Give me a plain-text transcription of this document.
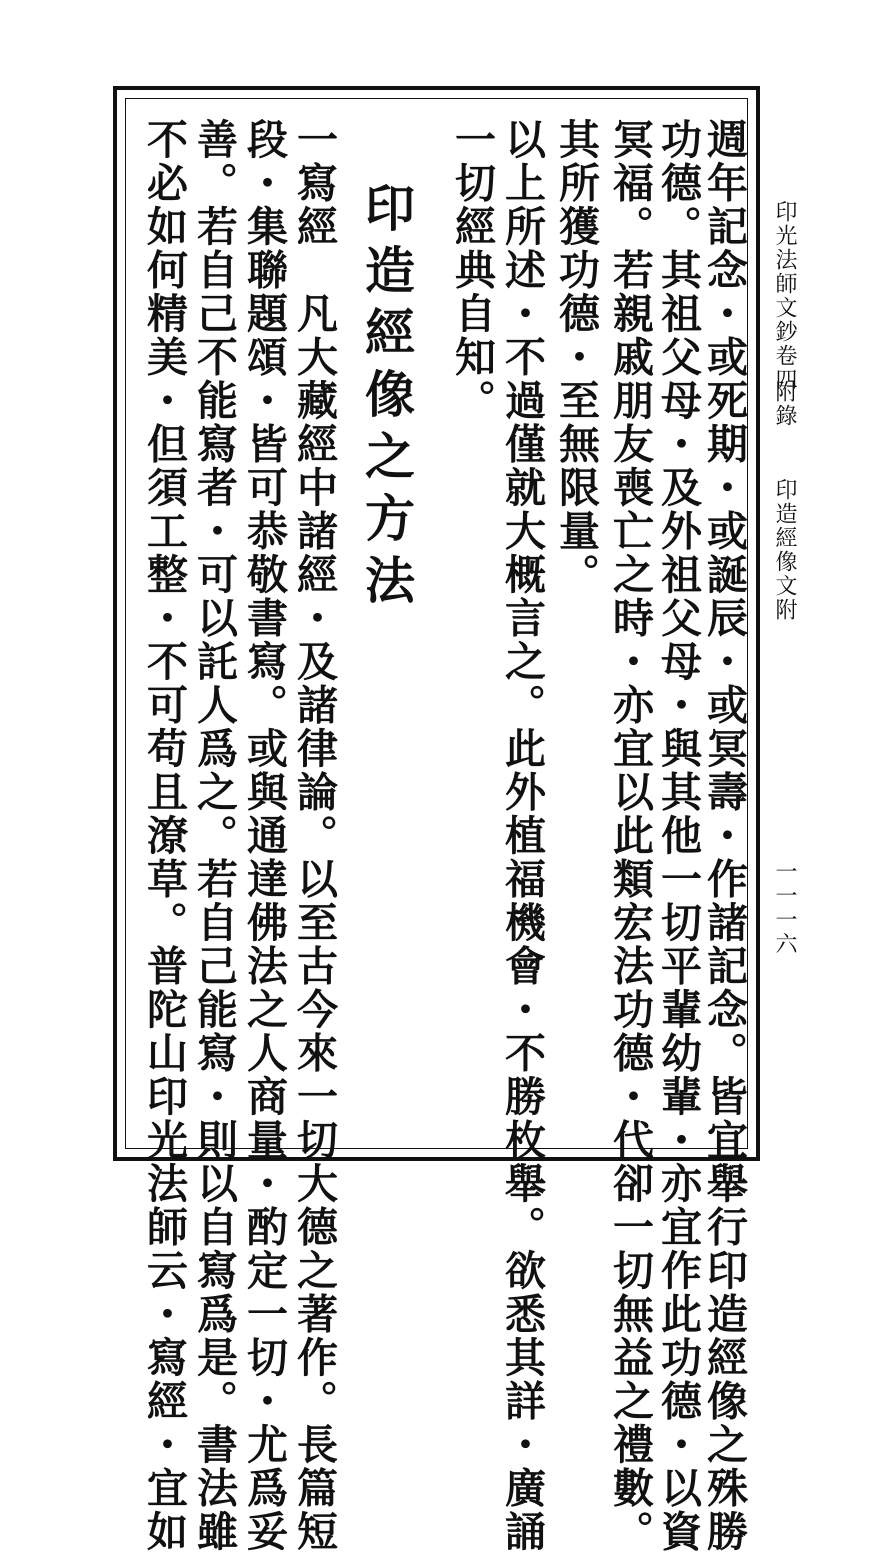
印光法師文鈔卷四
附錄
印造經像文附
一一一六
週年記念・或死期・或誕辰・或冥壽・作諸記念。皆宜舉行印造經像之殊勝
功德。其祖父母・及外祖父母・與其他一切平輩幼輩・亦宜作此功德・以資
冥福。若親戚朋友喪亡之時・亦宜以此類宏法功德・代卻一切無益之禮數。
其所獲功德・至無限量。
以上所述・不過僅就大概言之。此外植福機會・不勝枚舉。欲悉其詳・廣誦
一切經典自知。
印造經像之方法
一寫經　凡大藏經中諸經・及諸律論。以至古今來一切大德之著作。長篇短
段・集聯題頌・皆可恭敬書寫。或與通達佛法之人商量・酌定一切・尤爲妥
善。若自己不能寫者・可以託人爲之。若自己能寫・則以自寫爲是。書法雖
不必如何精美・但須工整・不可苟且潦草。普陀山印光法師云・寫經・宜如
